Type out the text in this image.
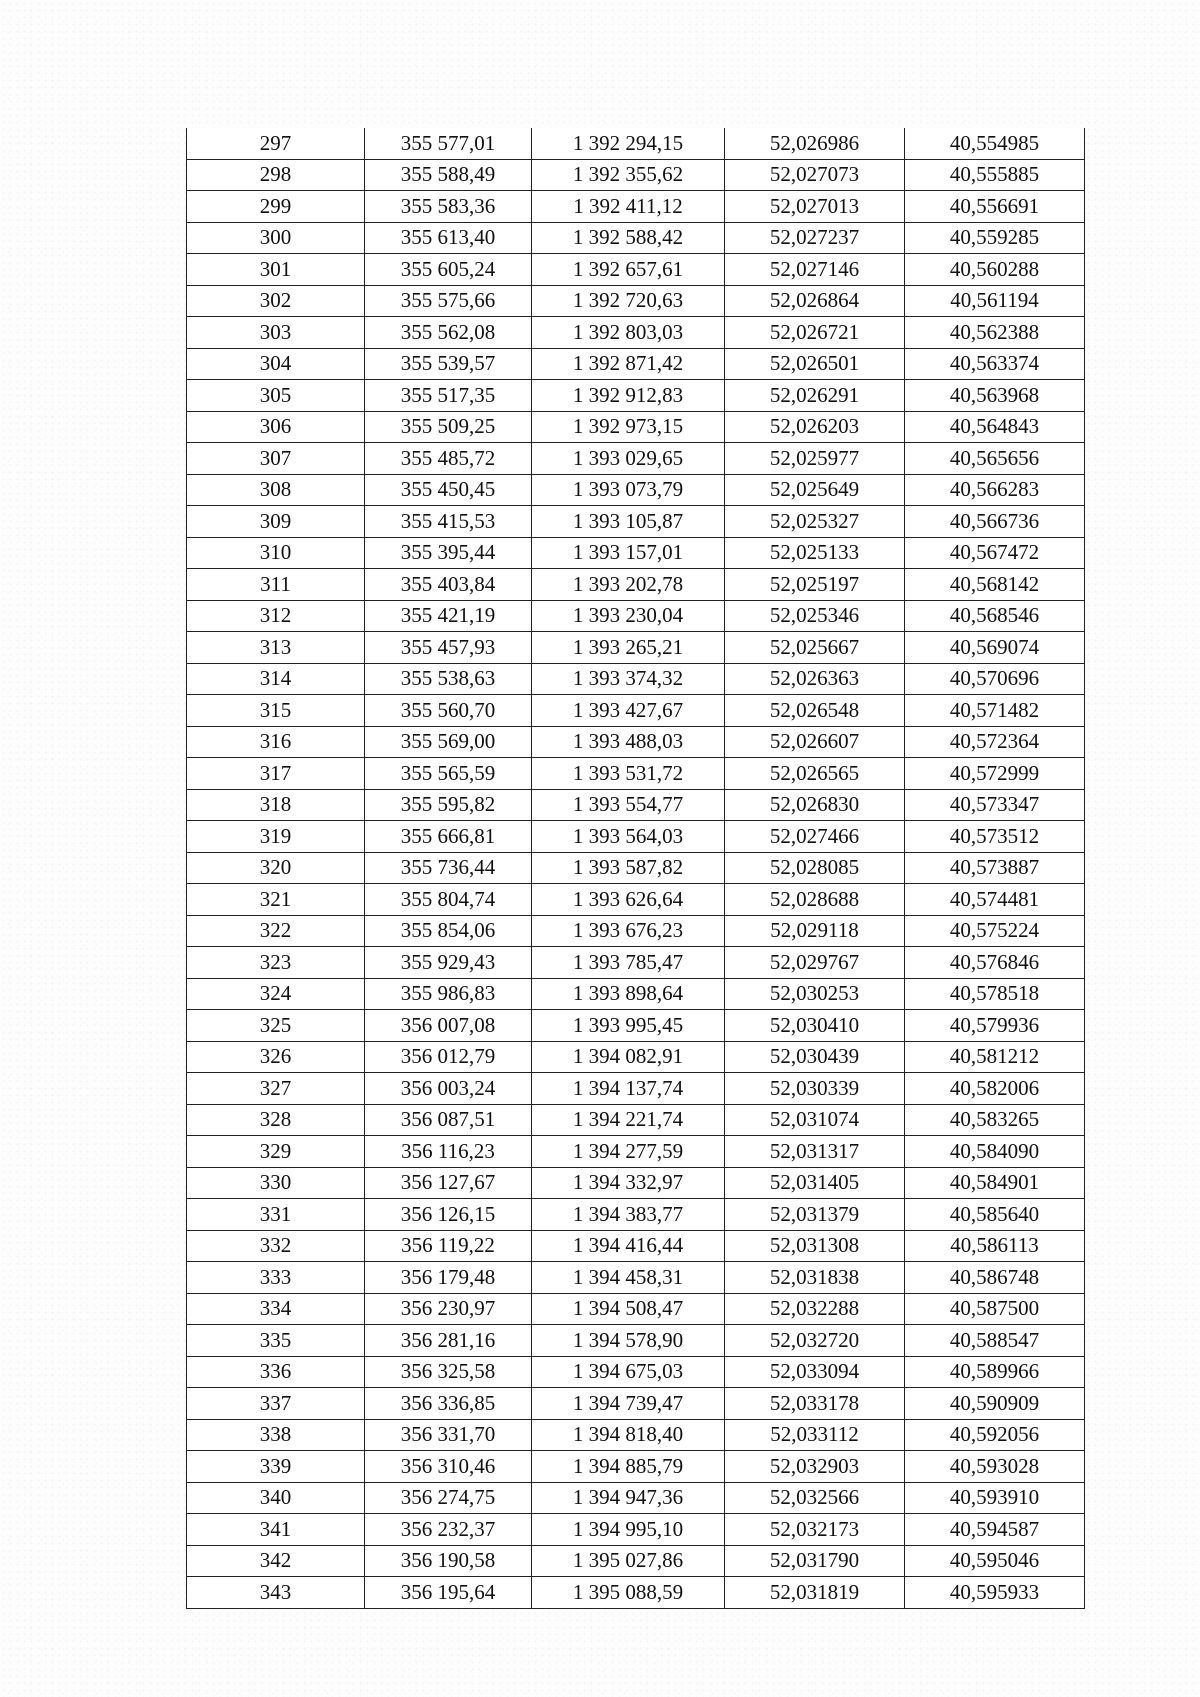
297	355 577,01	1 392 294,15	52,026986	40,554985
298	355 588,49	1 392 355,62	52,027073	40,555885
299	355 583,36	1 392 411,12	52,027013	40,556691
300	355 613,40	1 392 588,42	52,027237	40,559285
301	355 605,24	1 392 657,61	52,027146	40,560288
302	355 575,66	1 392 720,63	52,026864	40,561194
303	355 562,08	1 392 803,03	52,026721	40,562388
304	355 539,57	1 392 871,42	52,026501	40,563374
305	355 517,35	1 392 912,83	52,026291	40,563968
306	355 509,25	1 392 973,15	52,026203	40,564843
307	355 485,72	1 393 029,65	52,025977	40,565656
308	355 450,45	1 393 073,79	52,025649	40,566283
309	355 415,53	1 393 105,87	52,025327	40,566736
310	355 395,44	1 393 157,01	52,025133	40,567472
311	355 403,84	1 393 202,78	52,025197	40,568142
312	355 421,19	1 393 230,04	52,025346	40,568546
313	355 457,93	1 393 265,21	52,025667	40,569074
314	355 538,63	1 393 374,32	52,026363	40,570696
315	355 560,70	1 393 427,67	52,026548	40,571482
316	355 569,00	1 393 488,03	52,026607	40,572364
317	355 565,59	1 393 531,72	52,026565	40,572999
318	355 595,82	1 393 554,77	52,026830	40,573347
319	355 666,81	1 393 564,03	52,027466	40,573512
320	355 736,44	1 393 587,82	52,028085	40,573887
321	355 804,74	1 393 626,64	52,028688	40,574481
322	355 854,06	1 393 676,23	52,029118	40,575224
323	355 929,43	1 393 785,47	52,029767	40,576846
324	355 986,83	1 393 898,64	52,030253	40,578518
325	356 007,08	1 393 995,45	52,030410	40,579936
326	356 012,79	1 394 082,91	52,030439	40,581212
327	356 003,24	1 394 137,74	52,030339	40,582006
328	356 087,51	1 394 221,74	52,031074	40,583265
329	356 116,23	1 394 277,59	52,031317	40,584090
330	356 127,67	1 394 332,97	52,031405	40,584901
331	356 126,15	1 394 383,77	52,031379	40,585640
332	356 119,22	1 394 416,44	52,031308	40,586113
333	356 179,48	1 394 458,31	52,031838	40,586748
334	356 230,97	1 394 508,47	52,032288	40,587500
335	356 281,16	1 394 578,90	52,032720	40,588547
336	356 325,58	1 394 675,03	52,033094	40,589966
337	356 336,85	1 394 739,47	52,033178	40,590909
338	356 331,70	1 394 818,40	52,033112	40,592056
339	356 310,46	1 394 885,79	52,032903	40,593028
340	356 274,75	1 394 947,36	52,032566	40,593910
341	356 232,37	1 394 995,10	52,032173	40,594587
342	356 190,58	1 395 027,86	52,031790	40,595046
343	356 195,64	1 395 088,59	52,031819	40,595933
